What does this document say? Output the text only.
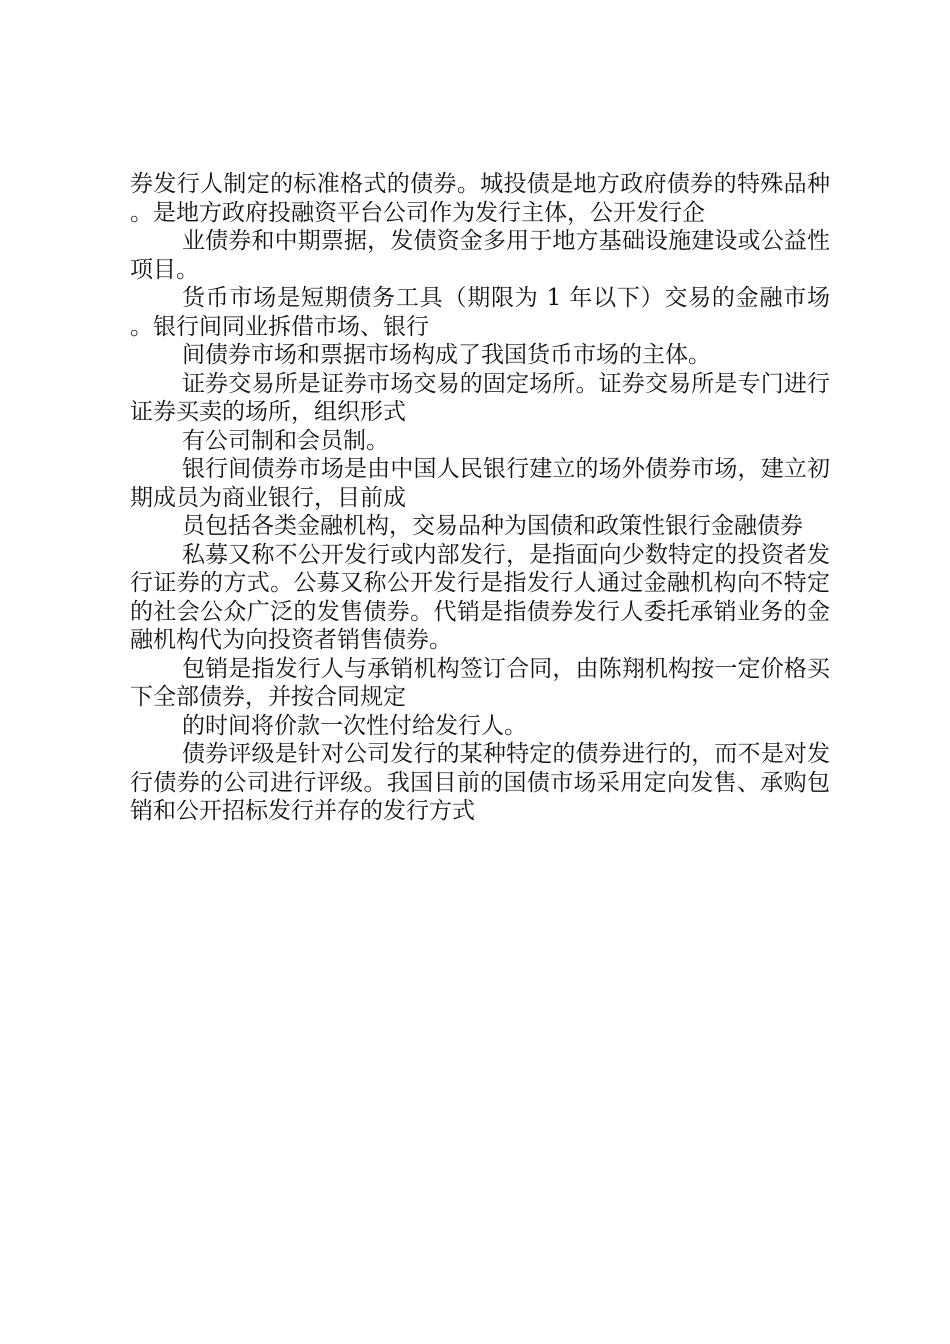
券发行人制定的标准格式的债券。城投债是地方政府债券的特殊品种。是地方政府投融资平台公司作为发行主体，公开发行企

业债券和中期票据，发债资金多用于地方基础设施建设或公益性项目。

货币市场是短期债务工具（期限为 1 年以下）交易的金融市场。银行间同业拆借市场、银行

间债券市场和票据市场构成了我国货币市场的主体。

证券交易所是证券市场交易的固定场所。证券交易所是专门进行证券买卖的场所，组织形式

有公司制和会员制。

银行间债券市场是由中国人民银行建立的场外债券市场，建立初期成员为商业银行，目前成

员包括各类金融机构，交易品种为国债和政策性银行金融债券

私募又称不公开发行或内部发行，是指面向少数特定的投资者发行证券的方式。公募又称公开发行是指发行人通过金融机构向不特定的社会公众广泛的发售债券。代销是指债券发行人委托承销业务的金融机构代为向投资者销售债券。

包销是指发行人与承销机构签订合同，由陈翔机构按一定价格买下全部债券，并按合同规定

的时间将价款一次性付给发行人。

债券评级是针对公司发行的某种特定的债券进行的，而不是对发行债券的公司进行评级。我国目前的国债市场采用定向发售、承购包销和公开招标发行并存的发行方式
